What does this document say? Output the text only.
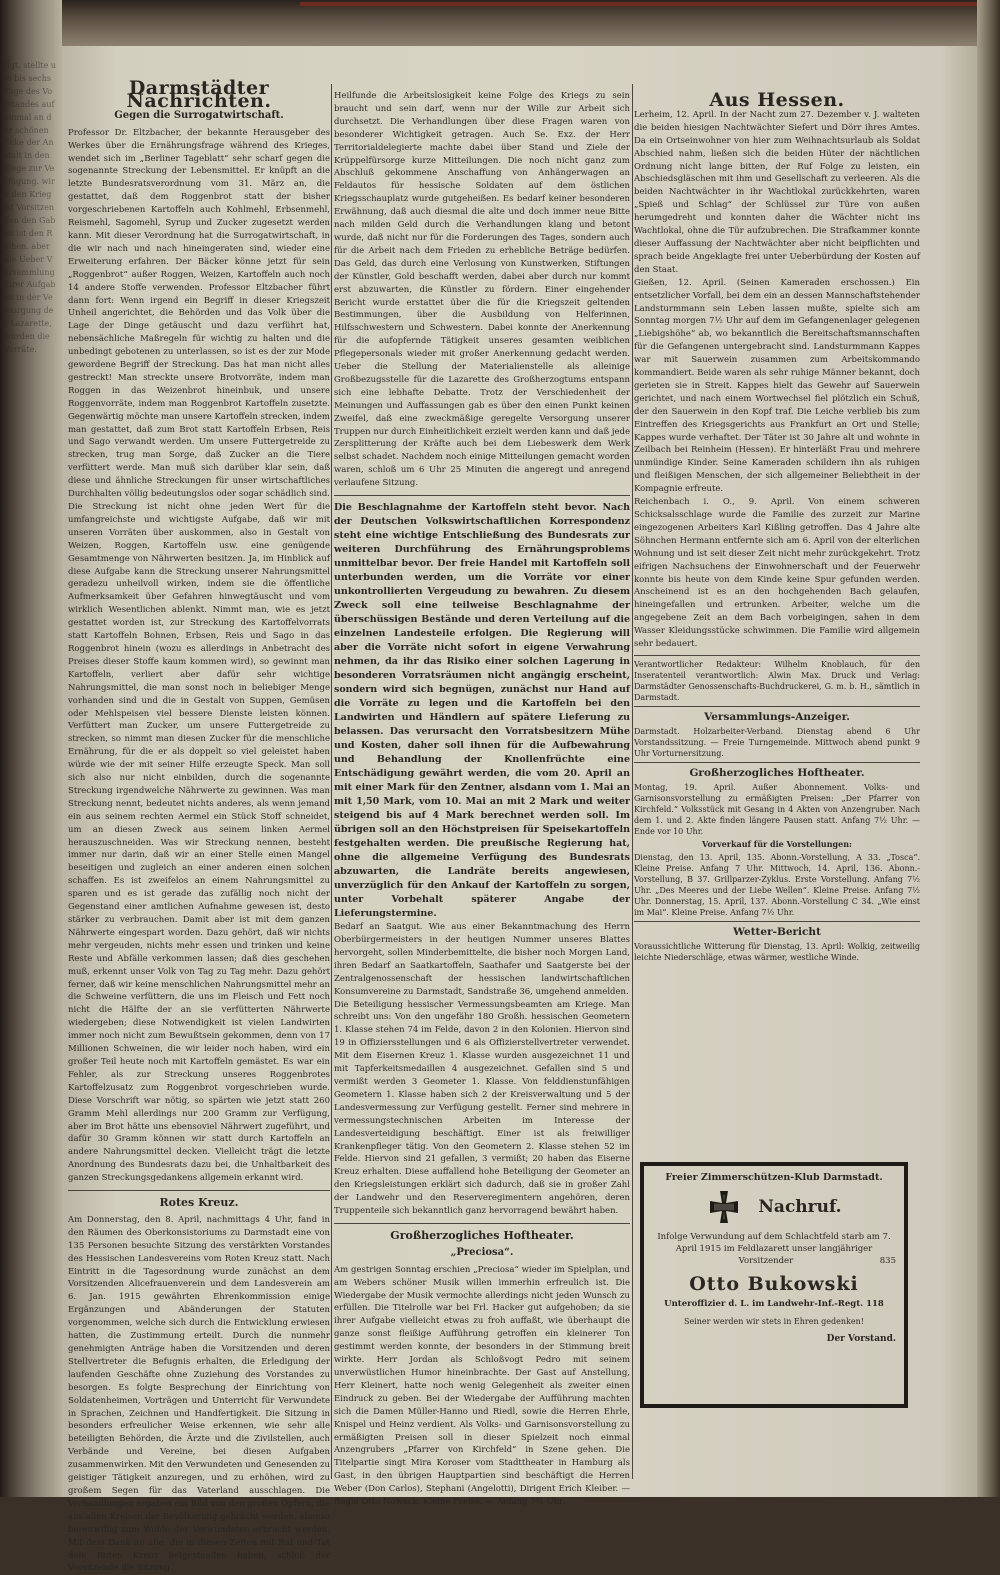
tigt, stellte um bis sechs Tage des Vorstandes auf einmal an der schönen Ecke der Anstalt in den Wege zur Verfügung. wird den Krieg ist Vorsitzenden den Gaben ist den Reihen. aber die Ueber Versammlung ihrer Aufgaben in der Versorgung der Lazarette, wurden die Vorräte.
Darmstädter Nachrichten.
Gegen die Surrogatwirtschaft.

Professor Dr. Eltzbacher, der bekannte Herausgeber des Werkes über die Ernährungsfrage während des Krieges, wendet sich im „Berliner Tageblatt“ sehr scharf gegen die sogenannte Streckung der Lebensmittel. Er knüpft an die letzte Bundesratsverordnung vom 31. März an, die gestattet, daß dem Roggenbrot statt der bisher vorgeschriebenen Kartoffeln auch Kohlmehl, Erbsenmehl, Reismehl, Sagomehl, Syrup und Zucker zugesetzt werden kann. Mit dieser Verordnung hat die Surrogatwirtschaft, in die wir nach und nach hineingeraten sind, wieder eine Erweiterung erfahren. Der Bäcker könne jetzt für sein „Roggenbrot“ außer Roggen, Weizen, Kartoffeln auch noch 14 andere Stoffe verwenden. Professor Eltzbacher führt dann fort: Wenn irgend ein Begriff in dieser Kriegszeit Unheil angerichtet, die Behörden und das Volk über die Lage der Dinge getäuscht und dazu verführt hat, nebensächliche Maßregeln für wichtig zu halten und die unbedingt gebotenen zu unterlassen, so ist es der zur Mode gewordene Begriff der Streckung. Das hat man nicht alles gestreckt! Man streckte unsere Brotvorräte, indem man Roggen in das Weizenbrot hineinbuk, und unsere Roggenvorräte, indem man Roggenbrot Kartoffeln zusetzte. Gegenwärtig möchte man unsere Kartoffeln strecken, indem man gestattet, daß zum Brot statt Kartoffeln Erbsen, Reis und Sago verwandt werden. Um unsere Futtergetreide zu strecken, trug man Sorge, daß Zucker an die Tiere verfüttert werde. Man muß sich darüber klar sein, daß diese und ähnliche Streckungen für unser wirtschaftliches Durchhalten völlig bedeutungslos oder sogar schädlich sind. Die Streckung ist nicht ohne jeden Wert für die umfangreichste und wichtigste Aufgabe, daß wir mit unseren Vorräten über auskommen, also in Gestalt von Weizen, Roggen, Kartoffeln usw. eine genügende Gesamtmenge von Nährwerten besitzen. Ja, im Hinblick auf diese Aufgabe kann die Streckung unserer Nahrungsmittel geradezu unheilvoll wirken, indem sie die öffentliche Aufmerksamkeit über Gefahren hinwegtäuscht und vom wirklich Wesentlichen ablenkt. Nimmt man, wie es jetzt gestattet worden ist, zur Streckung des Kartoffelvorrats statt Kartoffeln Bohnen, Erbsen, Reis und Sago in das Roggenbrot hinein (wozu es allerdings in Anbetracht des Preises dieser Stoffe kaum kommen wird), so gewinnt man Kartoffeln, verliert aber dafür sehr wichtige Nahrungsmittel, die man sonst noch in beliebiger Menge vorhanden sind und die in Gestalt von Suppen, Gemüsen oder Mehlspeisen viel bessere Dienste leisten können. Verfüttert man Zucker, um unsere Futtergetreide zu strecken, so nimmt man diesen Zucker für die menschliche Ernährung, für die er als doppelt so viel geleistet haben würde wie der mit seiner Hilfe erzeugte Speck. Man soll sich also nur nicht einbilden, durch die sogenannte Streckung irgendwelche Nährwerte zu gewinnen. Was man Streckung nennt, bedeutet nichts anderes, als wenn jemand ein aus seinem rechten Aermel ein Stück Stoff schneidet, um an diesen Zweck aus seinem linken Aermel herauszuschneiden. Was wir Streckung nennen, besteht immer nur darin, daß wir an einer Stelle einen Mangel beseitigen und zugleich an einer anderen einen solchen schaffen. Es ist zweifelos an einem Nahrungsmittel zu sparen und es ist gerade das zufällig noch nicht der Gegenstand einer amtlichen Aufnahme gewesen ist, desto stärker zu verbrauchen. Damit aber ist mit dem ganzen Nährwerte eingespart worden. Dazu gehört, daß wir nichts mehr vergeuden, nichts mehr essen und trinken und keine Reste und Abfälle verkommen lassen; daß dies geschehen muß, erkennt unser Volk von Tag zu Tag mehr. Dazu gehört ferner, daß wir keine menschlichen Nahrungsmittel mehr an die Schweine verfüttern, die uns im Fleisch und Fett noch nicht die Hälfte der an sie verfütterten Nährwerte wiedergeben; diese Notwendigkeit ist vielen Landwirten immer noch nicht zum Bewußtsein gekommen, denn von 17 Millionen Schweinen, die wir leider noch haben, wird ein großer Teil heute noch mit Kartoffeln gemästet. Es war ein Fehler, als zur Streckung unseres Roggenbrotes Kartoffelzusatz zum Roggenbrot vorgeschrieben wurde. Diese Vorschrift war nötig, so spärten wie jetzt statt 260 Gramm Mehl allerdings nur 200 Gramm zur Verfügung, aber im Brot hätte uns ebensoviel Nährwert zugeführt, und dafür 30 Gramm können wir statt durch Kartoffeln an andere Nahrungsmittel decken. Vielleicht trägt die letzte Anordnung des Bundesrats dazu bei, die Unhaltbarkeit des ganzen Streckungsgedankens allgemein erkannt wird.

Rotes Kreuz.

Am Donnerstag, den 8. April, nachmittags 4 Uhr, fand in den Räumen des Oberkonsistoriums zu Darmstadt eine von 135 Personen besuchte Sitzung des verstärkten Vorstandes des Hessischen Landesvereins vom Roten Kreuz statt. Nach Eintritt in die Tagesordnung wurde zunächst an dem Vorsitzenden Alicefrauenverein und dem Landesverein am 6. Jan. 1915 gewährten Ehrenkommission einige Ergänzungen und Abänderungen der Statuten vorgenommen, welche sich durch die Entwicklung erwiesen hatten, die Zustimmung erteilt. Durch die nunmehr genehmigten Anträge haben die Vorsitzenden und deren Stellvertreter die Befugnis erhalten, die Erledigung der laufenden Geschäfte ohne Zuziehung des Vorstandes zu besorgen. Es folgte Besprechung der Einrichtung von Soldatenheimen, Vorträgen und Unterricht für Verwundete in Sprachen, Zeichnen und Handfertigkeit. Die Sitzung in besonders erfreulicher Weise erkennen, wie sehr alle beteiligten Behörden, die Ärzte und die Zivilstellen, auch Verbände und Vereine, bei diesen Aufgaben zusammenwirken. Mit den Verwundeten und Genesenden zu geistiger Tätigkeit anzuregen, und zu erhöhen, wird zu großem Segen für das Vaterland ausschlagen. Die Verhandlungen ergaben ein Bild von den großen Opfern, die aus allen Kreisen der Bevölkerung gebracht werden, ebenso bereitwillig zum Wohle der Verwundeten erbracht werden. Mit dem Dank an alle, die in diesen Zeiten mit Rat und Tat dem Roten Kreuz beigestanden haben, schloß der Vorsitzende die Sitzung.

Heilfunde die Arbeitslosigkeit keine Folge des Kriegs zu sein braucht und sein darf, wenn nur der Wille zur Arbeit sich durchsetzt. Die Verhandlungen über diese Fragen waren von besonderer Wichtigkeit getragen. Auch Se. Exz. der Herr Territorialdelegierte machte dabei über Stand und Ziele der Krüppelfürsorge kurze Mitteilungen. Die noch nicht ganz zum Abschluß gekommene Anschaffung von Anhängerwagen an Feldautos für hessische Soldaten auf dem östlichen Kriegsschauplatz wurde gutgeheißen. Es bedarf keiner besonderen Erwähnung, daß auch diesmal die alte und doch immer neue Bitte nach milden Geld durch die Verhandlungen klang und betont wurde, daß nicht nur für die Forderungen des Tages, sondern auch für die Arbeit nach dem Frieden zu erhebliche Beträge bedürfen. Das Geld, das durch eine Verlosung von Kunstwerken, Stiftungen der Künstler, Gold beschafft werden, dabei aber durch nur kommt erst abzuwarten, die Künstler zu fördern. Einer eingehender Bericht wurde erstattet über die für die Kriegszeit geltenden Bestimmungen, über die Ausbildung von Helferinnen, Hilfsschwestern und Schwestern. Dabei konnte der Anerkennung für die aufopfernde Tätigkeit unseres gesamten weiblichen Pflegepersonals wieder mit großer Anerkennung gedacht werden. Ueber die Stellung der Materialienstelle als alleinige Großbezugsstelle für die Lazarette des Großherzogtums entspann sich eine lebhafte Debatte. Trotz der Verschiedenheit der Meinungen und Auffassungen gab es über den einen Punkt keinen Zweifel, daß eine zweckmäßige geregelte Versorgung unserer Truppen nur durch Einheitlichkeit erzielt werden kann und daß jede Zersplitterung der Kräfte auch bei dem Liebeswerk dem Werk selbst schadet. Nachdem noch einige Mitteilungen gemacht worden waren, schloß um 6 Uhr 25 Minuten die angeregt und anregend verlaufene Sitzung.

Die Beschlagnahme der Kartoffeln steht bevor. Nach der Deutschen Volkswirtschaftlichen Korrespondenz steht eine wichtige Entschließung des Bundesrats zur weiteren Durchführung des Ernährungsproblems unmittelbar bevor. Der freie Handel mit Kartoffeln soll unterbunden werden, um die Vorräte vor einer unkontrollierten Vergeudung zu bewahren. Zu diesem Zweck soll eine teilweise Beschlagnahme der überschüssigen Bestände und deren Verteilung auf die einzelnen Landesteile erfolgen. Die Regierung will aber die Vorräte nicht sofort in eigene Verwahrung nehmen, da ihr das Risiko einer solchen Lagerung in besonderen Vorratsräumen nicht angängig erscheint, sondern wird sich begnügen, zunächst nur Hand auf die Vorräte zu legen und die Kartoffeln bei den Landwirten und Händlern auf spätere Lieferung zu belassen. Das verursacht den Vorratsbesitzern Mühe und Kosten, daher soll ihnen für die Aufbewahrung und Behandlung der Knollenfrüchte eine Entschädigung gewährt werden, die vom 20. April an mit einer Mark für den Zentner, alsdann vom 1. Mai an mit 1,50 Mark, vom 10. Mai an mit 2 Mark und weiter steigend bis auf 4 Mark berechnet werden soll. Im übrigen soll an den Höchstpreisen für Speisekartoffeln festgehalten werden. Die preußische Regierung hat, ohne die allgemeine Verfügung des Bundesrats abzuwarten, die Landräte bereits angewiesen, unverzüglich für den Ankauf der Kartoffeln zu sorgen, unter Vorbehalt späterer Angabe der Lieferungstermine.

Bedarf an Saatgut. Wie aus einer Bekanntmachung des Herrn Oberbürgermeisters in der heutigen Nummer unseres Blattes hervorgeht, sollen Minderbemittelte, die bisher noch Morgen Land, ihren Bedarf an Saatkartoffeln, Saathafer und Saatgerste bei der Zentralgenossenschaft der hessischen landwirtschaftlichen Konsumvereine zu Darmstadt, Sandstraße 36, umgehend anmelden.

Die Beteiligung hessischer Vermessungsbeamten am Kriege. Man schreibt uns: Von den ungefähr 180 Großh. hessischen Geometern 1. Klasse stehen 74 im Felde, davon 2 in den Kolonien. Hiervon sind 19 in Offiziersstellungen und 6 als Offizierstellvertreter verwendet. Mit dem Eisernen Kreuz 1. Klasse wurden ausgezeichnet 11 und mit Tapferkeitsmedaillen 4 ausgezeichnet. Gefallen sind 5 und vermißt werden 3 Geometer 1. Klasse. Von felddienstunfähigen Geometern 1. Klasse haben sich 2 der Kreisverwaltung und 5 der Landesvermessung zur Verfügung gestellt. Ferner sind mehrere in vermessungstechnischen Arbeiten im Interesse der Landesverteidigung beschäftigt. Einer ist als freiwilliger Krankenpfleger tätig. Von den Geometern 2. Klasse stehen 52 im Felde. Hiervon sind 21 gefallen, 3 vermißt; 20 haben das Eiserne Kreuz erhalten. Diese auffallend hohe Beteiligung der Geometer an den Kriegsleistungen erklärt sich dadurch, daß sie in großer Zahl der Landwehr und den Reserveregimentern angehören, deren Truppenteile sich bekanntlich ganz hervorragend bewährt haben.

Großherzogliches Hoftheater.
„Preciosa“.

Am gestrigen Sonntag erschien „Preciosa“ wieder im Spielplan, und am Webers schöner Musik willen immerhin erfreulich ist. Die Wiedergabe der Musik vermochte allerdings nicht jeden Wunsch zu erfüllen. Die Titelrolle war bei Frl. Hacker gut aufgehoben; da sie ihrer Aufgabe vielleicht etwas zu froh auffaßt, wie überhaupt die ganze sonst fleißige Aufführung getroffen ein kleinerer Ton gestimmt werden konnte, der besonders in der Stimmung breit wirkte. Herr Jordan als Schloßvogt Pedro mit seinem unverwüstlichen Humor hineinbrachte. Der Gast auf Anstellung, Herr Kleinert, hatte noch wenig Gelegenheit als zweiter einen Eindruck zu geben. Bei der Wiedergabe der Aufführung machten sich die Damen Müller-Hanno und Riedl, sowie die Herren Ehrle, Knispel und Heinz verdient. Als Volks- und Garnisonsvorstellung zu ermäßigten Preisen soll in dieser Spielzeit noch einmal Anzengrubers „Pfarrer von Kirchfeld“ in Szene gehen. Die Titelpartie singt Mira Koroser vom Stadttheater in Hamburg als Gast, in den übrigen Hauptpartien sind beschäftigt die Herren Weber (Don Carlos), Stephani (Angelotti), Dirigent Erich Kleiber. — Regie Otto Nowack. Kleine Preise. — Anfang 7½ Uhr.

Aus Hessen.

Lerheim, 12. April. In der Nacht zum 27. Dezember v. J. walteten die beiden hiesigen Nachtwächter Siefert und Dörr ihres Amtes. Da ein Ortseinwohner von hier zum Weihnachtsurlaub als Soldat Abschied nahm, ließen sich die beiden Hüter der nächtlichen Ordnung nicht lange bitten, der Ruf Folge zu leisten, ein Abschiedsgläschen mit ihm und Gesellschaft zu verleeren. Als die beiden Nachtwächter in ihr Wachtlokal zurückkehrten, waren „Spieß und Schlag“ der Schlüssel zur Türe von außen herumgedreht und konnten daher die Wächter nicht ins Wachtlokal, ohne die Tür aufzubrechen. Die Strafkammer konnte dieser Auffassung der Nachtwächter aber nicht beipflichten und sprach beide Angeklagte frei unter Ueberbürdung der Kosten auf den Staat.

Gießen, 12. April. (Seinen Kameraden erschossen.) Ein entsetzlicher Vorfall, bei dem ein an dessen Mannschaftstehender Landsturmmann sein Leben lassen mußte, spielte sich am Sonntag morgen 7½ Uhr auf dem im Gefangenenlager gelegenen „Liebigshöhe“ ab, wo bekanntlich die Bereitschaftsmannschaften für die Gefangenen untergebracht sind. Landsturmmann Kappes war mit Sauerwein zusammen zum Arbeitskommando kommandiert. Beide waren als sehr ruhige Männer bekannt, doch gerieten sie in Streit. Kappes hielt das Gewehr auf Sauerwein gerichtet, und nach einem Wortwechsel fiel plötzlich ein Schuß, der den Sauerwein in den Kopf traf. Die Leiche verblieb bis zum Eintreffen des Kriegsgerichts aus Frankfurt an Ort und Stelle; Kappes wurde verhaftet. Der Täter ist 30 Jahre alt und wohnte in Zeilbach bei Reinheim (Hessen). Er hinterläßt Frau und mehrere unmündige Kinder. Seine Kameraden schildern ihn als ruhigen und fleißigen Menschen, der sich allgemeiner Beliebtheit in der Kompagnie erfreute.

Reichenbach i. O., 9. April. Von einem schweren Schicksalsschlage wurde die Familie des zurzeit zur Marine eingezogenen Arbeiters Karl Kißling getroffen. Das 4 Jahre alte Söhnchen Hermann entfernte sich am 6. April von der elterlichen Wohnung und ist seit dieser Zeit nicht mehr zurückgekehrt. Trotz eifrigen Nachsuchens der Einwohnerschaft und der Feuerwehr konnte bis heute von dem Kinde keine Spur gefunden werden. Anscheinend ist es an den hochgehenden Bach gelaufen, hineingefallen und ertrunken. Arbeiter, welche um die angegebene Zeit an dem Bach vorbeigingen, sahen in dem Wasser Kleidungsstücke schwimmen. Die Familie wird allgemein sehr bedauert.

Verantwortlicher Redakteur: Wilhelm Knoblauch, für den Inseratenteil verantwortlich: Alwin Max. Druck und Verlag: Darmstädter Genossenschafts-Buchdruckerei, G. m. b. H., sämtlich in Darmstadt.
Versammlungs-Anzeiger.
Darmstadt. Holzarbeiter-Verband. Dienstag abend 6 Uhr Vorstandssitzung. — Freie Turngemeinde. Mittwoch abend punkt 9 Uhr Vorturnersitzung.
Großherzogliches Hoftheater.
Montag, 19. April. Außer Abonnement. Volks- und Garnisonsvorstellung zu ermäßigten Preisen: „Der Pfarrer von Kirchfeld.“ Volksstück mit Gesang in 4 Akten von Anzengruber. Nach dem 1. und 2. Akte finden längere Pausen statt. Anfang 7½ Uhr. — Ende vor 10 Uhr.
Vorverkauf für die Vorstellungen:
Dienstag, den 13. April, 135. Abonn.-Vorstellung, A 33. „Tosca“. Kleine Preise. Anfang 7 Uhr. Mittwoch, 14. April, 136. Abonn.-Vorstellung, B 37. Grillparzer-Zyklus. Erste Vorstellung. Anfang 7½ Uhr. „Des Meeres und der Liebe Wellen“. Kleine Preise. Anfang 7½ Uhr. Donnerstag, 15. April, 137. Abonn.-Vorstellung C 34. „Wie einst im Mai“. Kleine Preise. Anfang 7½ Uhr.
Wetter-Bericht
Voraussichtliche Witterung für Dienstag, 13. April: Wolkig, zeitweilig leichte Niederschläge, etwas wärmer, westliche Winde.
Freier Zimmerschützen-Klub Darmstadt.
Nachruf.
Infolge Verwundung auf dem Schlachtfeld starb am 7. April 1915 im Feldlazarett unser langjähriger Vorsitzender	835
Otto Bukowski
Unteroffizier d. L. im Landwehr-Inf.-Regt. 118
Seiner werden wir stets in Ehren gedenken!
Der Vorstand.
